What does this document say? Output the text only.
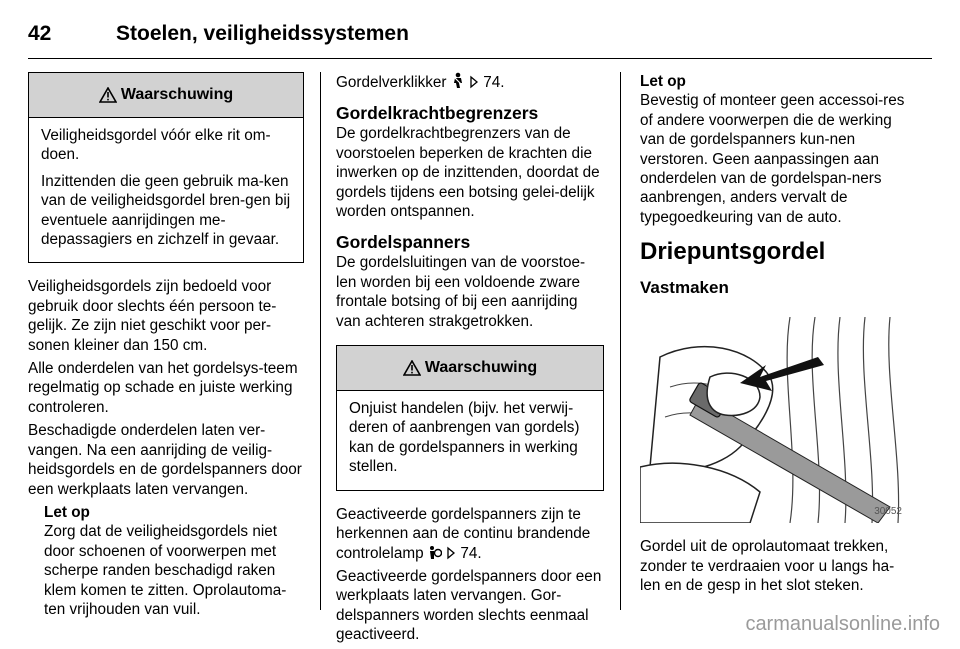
42	Stoelen, veiligheidssystemen
Waarschuwing

Veiligheidsgordel vóór elke rit om-doen.

Inzittenden die geen gebruik ma-ken van de veiligheidsgordel bren-gen bij eventuele aanrijdingen me-depassagiers en zichzelf in gevaar.

Veiligheidsgordels zijn bedoeld voor gebruik door slechts één persoon te-gelijk. Ze zijn niet geschikt voor per-sonen kleiner dan 150 cm.

Alle onderdelen van het gordelsys-teem regelmatig op schade en juiste werking controleren.

Beschadigde onderdelen laten ver-vangen. Na een aanrijding de veilig-heidsgordels en de gordelspanners door een werkplaats laten vervangen.

Let op
Zorg dat de veiligheidsgordels niet door schoenen of voorwerpen met scherpe randen beschadigd raken klem komen te zitten. Oprolautoma-ten vrijhouden van vuil.

Gordelverklikker 74.

Gordelkrachtbegrenzers

De gordelkrachtbegrenzers van de voorstoelen beperken de krachten die inwerken op de inzittenden, doordat de gordels tijdens een botsing gelei-delijk worden ontspannen.

Gordelspanners

De gordelsluitingen van de voorstoe-len worden bij een voldoende zware frontale botsing of bij een aanrijding van achteren strakgetrokken.

Waarschuwing

Onjuist handelen (bijv. het verwij-deren of aanbrengen van gordels) kan de gordelspanners in werking stellen.

Geactiveerde gordelspanners zijn te herkennen aan de continu brandende controlelamp 74.

Geactiveerde gordelspanners door een werkplaats laten vervangen. Gor-delspanners worden slechts eenmaal geactiveerd.

Let op
Bevestig of monteer geen accessoi-res of andere voorwerpen die de werking van de gordelspanners kun-nen verstoren. Geen aanpassingen aan onderdelen van de gordelspan-ners aanbrengen, anders vervalt de typegoedkeuring van de auto.
Driepuntsgordel
Vastmaken
30052

Gordel uit de oprolautomaat trekken, zonder te verdraaien voor u langs ha-len en de gesp in het slot steken.

carmanualsonline.info
